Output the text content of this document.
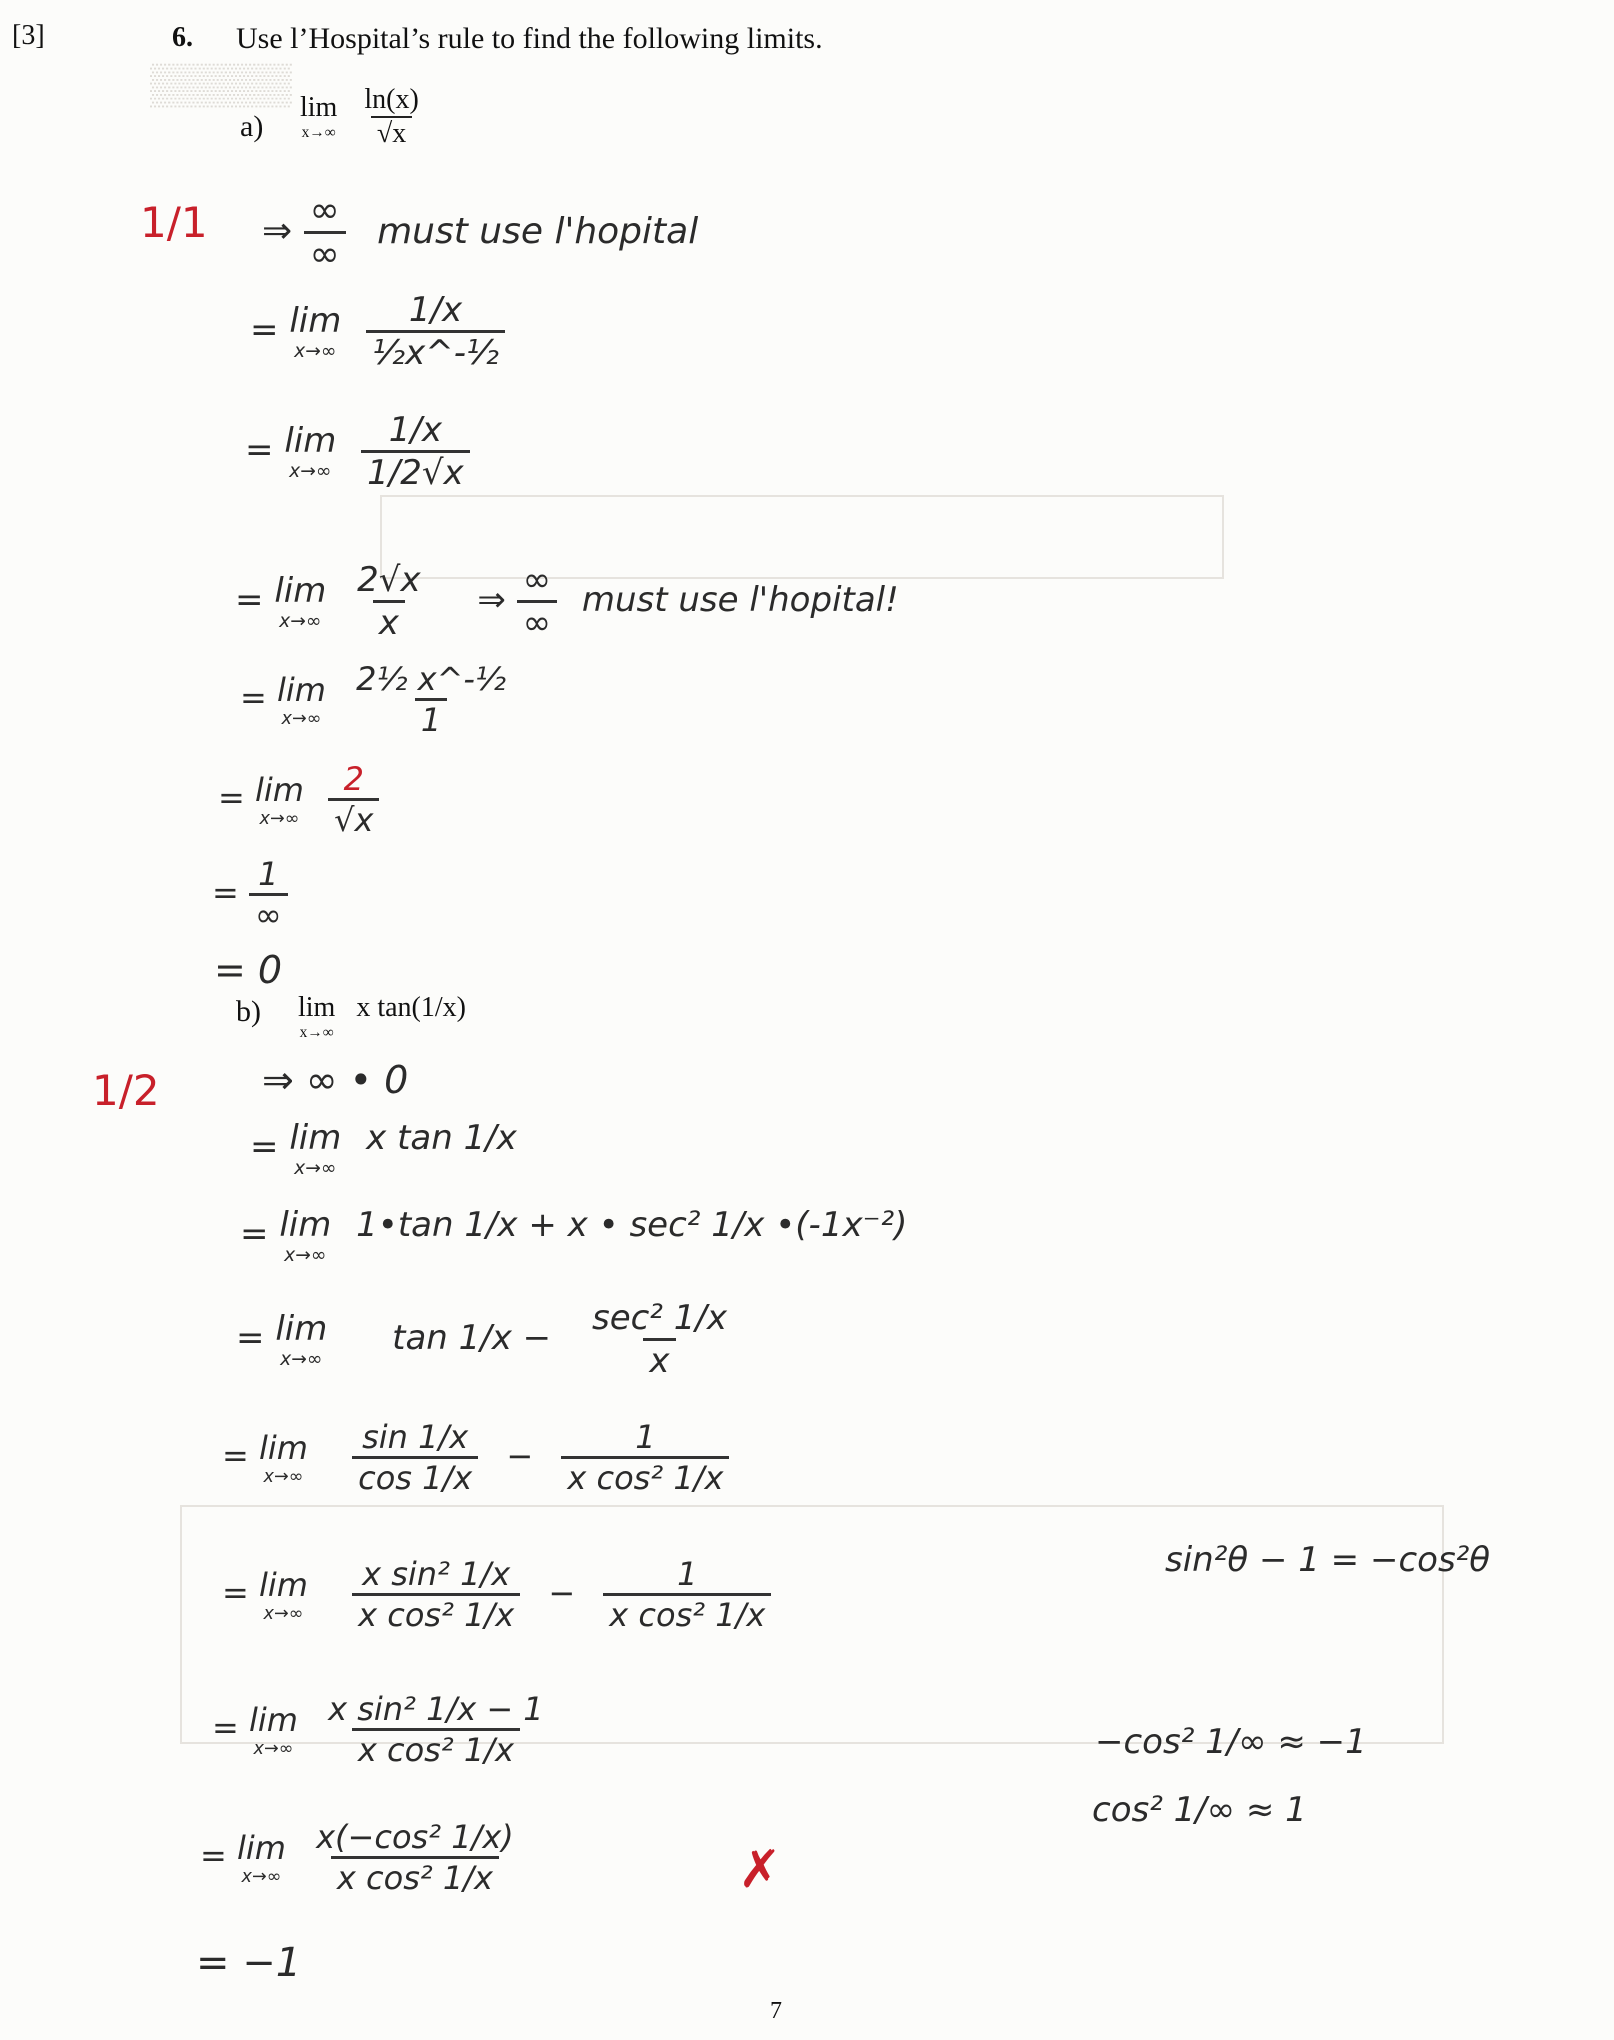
▒▒▒▒▒
[3]	6. Use l’Hospital’s rule to find the following limits.
a)
lim
x→∞
$\frac{\ln(x)}{√x}$
1/1 ⇒ $\frac{\infty}{\infty}$ must use l'hopital
= lim
x→∞
$\frac{1/x}{\text{½x\textasciicircum{}-½}}$
= lim
x→∞
$\frac{1/x}{1/2√x}$
= lim
x→∞
$\frac{2√x}{x}$ ⇒ $\frac{\infty}{\infty}$ must use l'hopital!
= lim
x→∞
$\frac{\text{2½ x\textasciicircum{}-½}}{1}$
= lim
x→∞
$\frac{2}{√x}$
= $\frac{1}{\infty}$
= 0
b) lim
x→∞
x tan(1/x)
1/2	⇒ ∞ • 0
= lim
x→∞
x tan 1/x
= lim
x→∞
1•tan 1/x + x • sec² 1/x •(-1x⁻²)
= lim
x→∞
$\tan 1/x - \frac{\text{sec² 1/x}}{x}$
= lim
x→∞
$\frac{\sin 1/x}{\cos 1/x} - \frac{1}{\text{x cos² 1/x}}$
= lim
x→∞
$\frac{\text{x sin² 1/x}}{\text{x cos² 1/x}} - \frac{1}{\text{x cos² 1/x}}$
= lim
x→∞
$\frac{\text{x sin² 1/x − 1}}{\text{x cos² 1/x}}$
= lim
x→∞
$\frac{\text{x(−cos² 1/x)}}{\text{x cos² 1/x}}$	✗
= −1
sin²θ − 1 = −cos²θ
−cos² 1/∞ ≈ −1
cos² 1/∞ ≈ 1
7
